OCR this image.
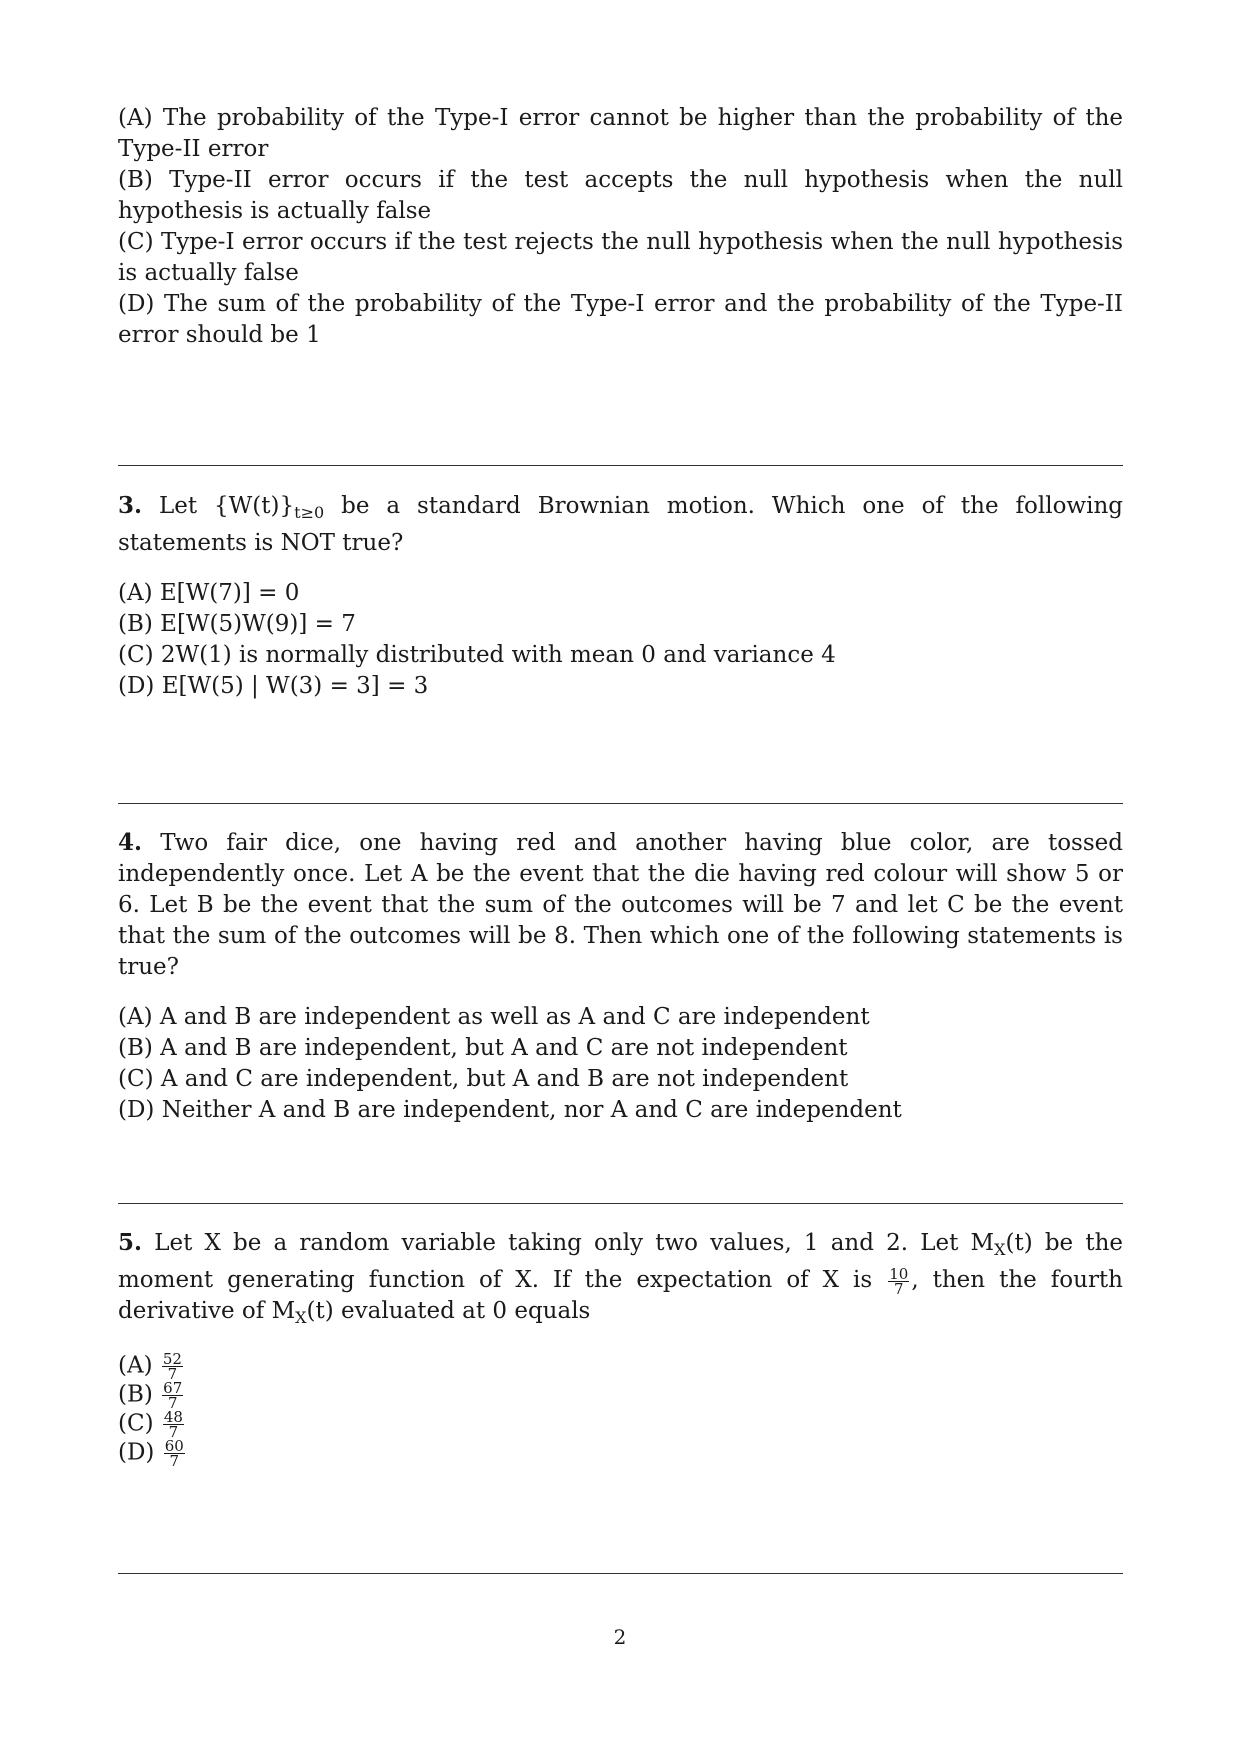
(A) The probability of the Type-I error cannot be higher than the probability of the Type-II error
(B) Type-II error occurs if the test accepts the null hypothesis when the null hypothesis is actually false
(C) Type-I error occurs if the test rejects the null hypothesis when the null hypothesis is actually false
(D) The sum of the probability of the Type-I error and the probability of the Type-II error should be 1
3. Let $\{W(t)\}_{t\ge 0}$ be a standard Brownian motion. Which one of the following statements is NOT true?
(A) E[W(7)] = 0
(B) E[W(5)W(9)] = 7
(C) 2W(1) is normally distributed with mean 0 and variance 4
(D) E[W(5) | W(3) = 3] = 3
4. Two fair dice, one having red and another having blue color, are tossed independently once. Let A be the event that the die having red colour will show 5 or 6. Let B be the event that the sum of the outcomes will be 7 and let C be the event that the sum of the outcomes will be 8. Then which one of the following statements is true?
(A) A and B are independent as well as A and C are independent
(B) A and B are independent, but A and C are not independent
(C) A and C are independent, but A and B are not independent
(D) Neither A and B are independent, nor A and C are independent
5. Let X be a random variable taking only two values, 1 and 2. Let $M_X(t)$ be the moment generating function of X. If the expectation of X is $\frac{10}{7}$ , then the fourth derivative of $M_X(t)$ evaluated at 0 equals
$(A) \frac{52}{7}$
$(B) \frac{67}{7}$
$(C) \frac{48}{7}$
$(D) \frac{60}{7}$
2
